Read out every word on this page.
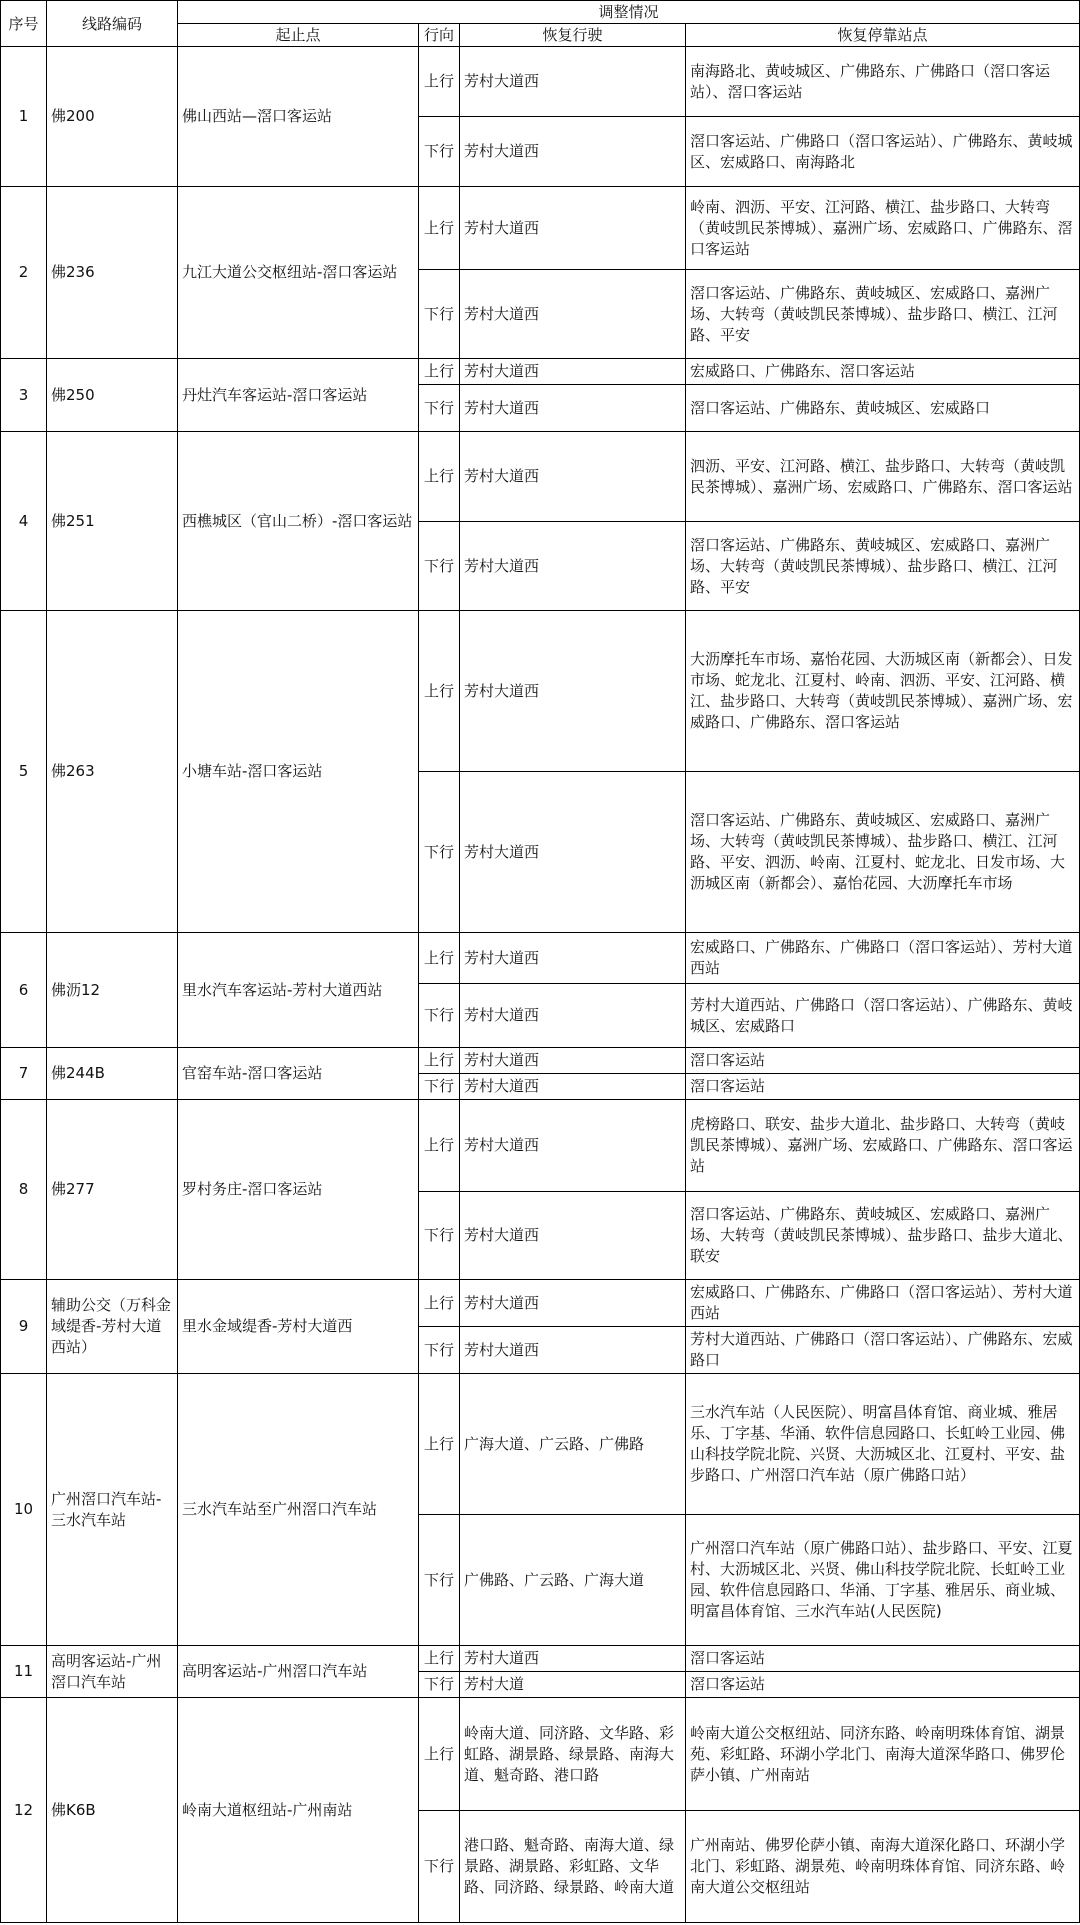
序号	线路编码	调整情况			
		起止点	行向	恢复行驶	恢复停靠站点
1	佛200	佛山西站—滘口客运站	上行	芳村大道西	南海路北、黄岐城区、广佛路东、广佛路口（滘口客运站）、滘口客运站
			下行	芳村大道西	滘口客运站、广佛路口（滘口客运站）、广佛路东、黄岐城区、宏威路口、南海路北
2	佛236	九江大道公交枢纽站-滘口客运站	上行	芳村大道西	岭南、泗沥、平安、江河路、横江、盐步路口、大转弯（黄岐凯民茶博城）、嘉洲广场、宏威路口、广佛路东、滘口客运站
			下行	芳村大道西	滘口客运站、广佛路东、黄岐城区、宏威路口、嘉洲广场、大转弯（黄岐凯民茶博城）、盐步路口、横江、江河路、平安
3	佛250	丹灶汽车客运站-滘口客运站	上行	芳村大道西	宏威路口、广佛路东、滘口客运站
			下行	芳村大道西	滘口客运站、广佛路东、黄岐城区、宏威路口
4	佛251	西樵城区（官山二桥）-滘口客运站	上行	芳村大道西	泗沥、平安、江河路、横江、盐步路口、大转弯（黄岐凯民茶博城）、嘉洲广场、宏威路口、广佛路东、滘口客运站
			下行	芳村大道西	滘口客运站、广佛路东、黄岐城区、宏威路口、嘉洲广场、大转弯（黄岐凯民茶博城）、盐步路口、横江、江河路、平安
5	佛263	小塘车站-滘口客运站	上行	芳村大道西	大沥摩托车市场、嘉怡花园、大沥城区南（新都会）、日发市场、蛇龙北、江夏村、岭南、泗沥、平安、江河路、横江、盐步路口、大转弯（黄岐凯民茶博城）、嘉洲广场、宏威路口、广佛路东、滘口客运站
			下行	芳村大道西	滘口客运站、广佛路东、黄岐城区、宏威路口、嘉洲广场、大转弯（黄岐凯民茶博城）、盐步路口、横江、江河路、平安、泗沥、岭南、江夏村、蛇龙北、日发市场、大沥城区南（新都会）、嘉怡花园、大沥摩托车市场
6	佛沥12	里水汽车客运站-芳村大道西站	上行	芳村大道西	宏威路口、广佛路东、广佛路口（滘口客运站）、芳村大道西站
			下行	芳村大道西	芳村大道西站、广佛路口（滘口客运站）、广佛路东、黄岐城区、宏威路口
7	佛244B	官窑车站-滘口客运站	上行	芳村大道西	滘口客运站
			下行	芳村大道西	滘口客运站
8	佛277	罗村务庄-滘口客运站	上行	芳村大道西	虎榜路口、联安、盐步大道北、盐步路口、大转弯（黄岐凯民茶博城）、嘉洲广场、宏威路口、广佛路东、滘口客运站
			下行	芳村大道西	滘口客运站、广佛路东、黄岐城区、宏威路口、嘉洲广场、大转弯（黄岐凯民茶博城）、盐步路口、盐步大道北、联安
9	辅助公交（万科金域缇香-芳村大道西站）	里水金域缇香-芳村大道西	上行	芳村大道西	宏威路口、广佛路东、广佛路口（滘口客运站）、芳村大道西站
			下行	芳村大道西	芳村大道西站、广佛路口（滘口客运站）、广佛路东、宏威路口
10	广州滘口汽车站-三水汽车站	三水汽车站至广州滘口汽车站	上行	广海大道、广云路、广佛路	三水汽车站（人民医院）、明富昌体育馆、商业城、雅居乐、丁字基、华涌、软件信息园路口、长虹岭工业园、佛山科技学院北院、兴贤、大沥城区北、江夏村、平安、盐步路口、广州滘口汽车站（原广佛路口站）
			下行	广佛路、广云路、广海大道	广州滘口汽车站（原广佛路口站）、盐步路口、平安、江夏村、大沥城区北、兴贤、佛山科技学院北院、长虹岭工业园、软件信息园路口、华涌、丁字基、雅居乐、商业城、明富昌体育馆、三水汽车站(人民医院)
11	高明客运站-广州滘口汽车站	高明客运站-广州滘口汽车站	上行	芳村大道西	滘口客运站
			下行	芳村大道	滘口客运站
12	佛K6B	岭南大道枢纽站-广州南站	上行	岭南大道、同济路、文华路、彩虹路、湖景路、绿景路、南海大道、魁奇路、港口路	岭南大道公交枢纽站、同济东路、岭南明珠体育馆、湖景苑、彩虹路、环湖小学北门、南海大道深华路口、佛罗伦萨小镇、广州南站
			下行	港口路、魁奇路、南海大道、绿景路、湖景路、彩虹路、文华路、同济路、绿景路、岭南大道	广州南站、佛罗伦萨小镇、南海大道深化路口、环湖小学北门、彩虹路、湖景苑、岭南明珠体育馆、同济东路、岭南大道公交枢纽站
